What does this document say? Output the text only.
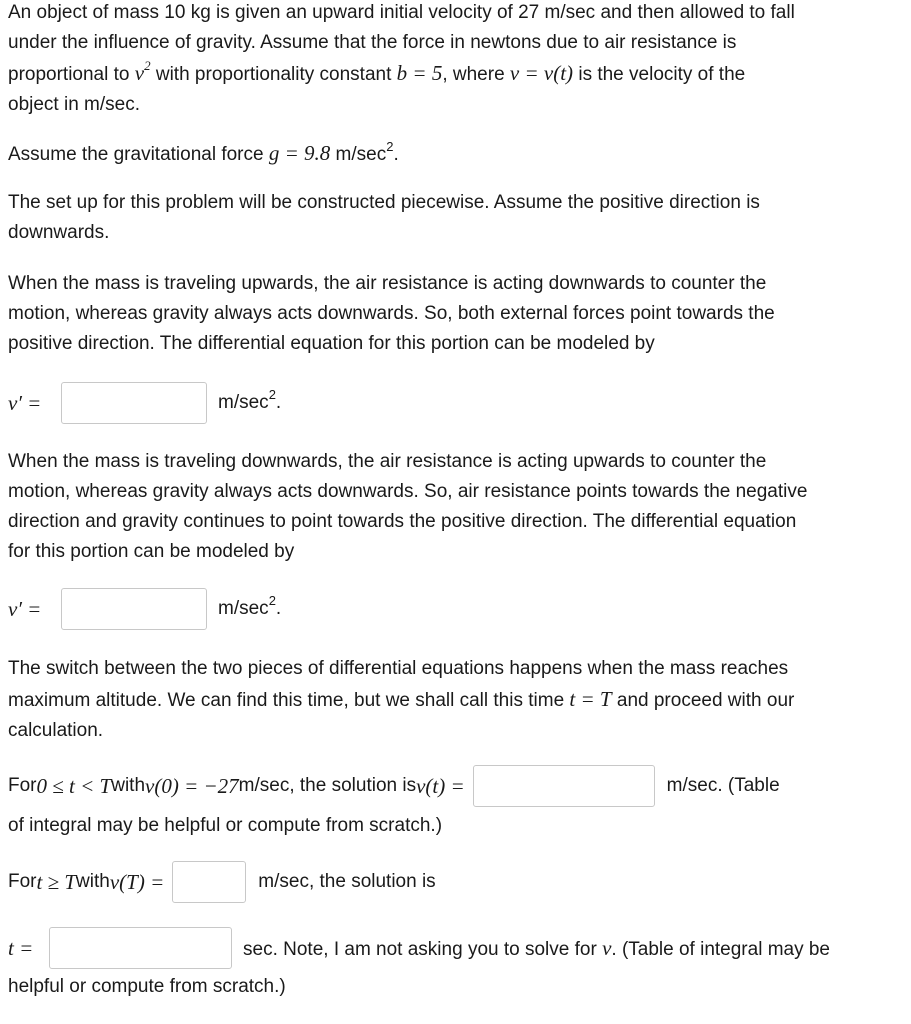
An object of mass 10 kg is given an upward initial velocity of 27 m/sec and then allowed to fall
under the influence of gravity. Assume that the force in newtons due to air resistance is
proportional to $v^2$ with proportionality constant b = 5, where v = v(t) is the velocity of the
object in m/sec.

Assume the gravitational force g = 9.8 $m/\sec^2$.

The set up for this problem will be constructed piecewise. Assume the positive direction is
downwards.

When the mass is traveling upwards, the air resistance is acting downwards to counter the
motion, whereas gravity always acts downwards. So, both external forces point towards the
positive direction. The differential equation for this portion can be modeled by

v′ =	$m/\sec^2$.

When the mass is traveling downwards, the air resistance is acting upwards to counter the
motion, whereas gravity always acts downwards. So, air resistance points towards the negative
direction and gravity continues to point towards the positive direction. The differential equation
for this portion can be modeled by

v′ =	$m/\sec^2$.

The switch between the two pieces of differential equations happens when the mass reaches
maximum altitude. We can find this time, but we shall call this time t = T and proceed with our
calculation.

For 0 ≤ t < T with v(0) = −27 m/sec, the solution is v(t) =	m/sec. (Table

of integral may be helpful or compute from scratch.)

For t ≥ T with v(T) =	m/sec, the solution is
t =	sec. Note, I am not asking you to solve for v. (Table of integral may be

helpful or compute from scratch.)
